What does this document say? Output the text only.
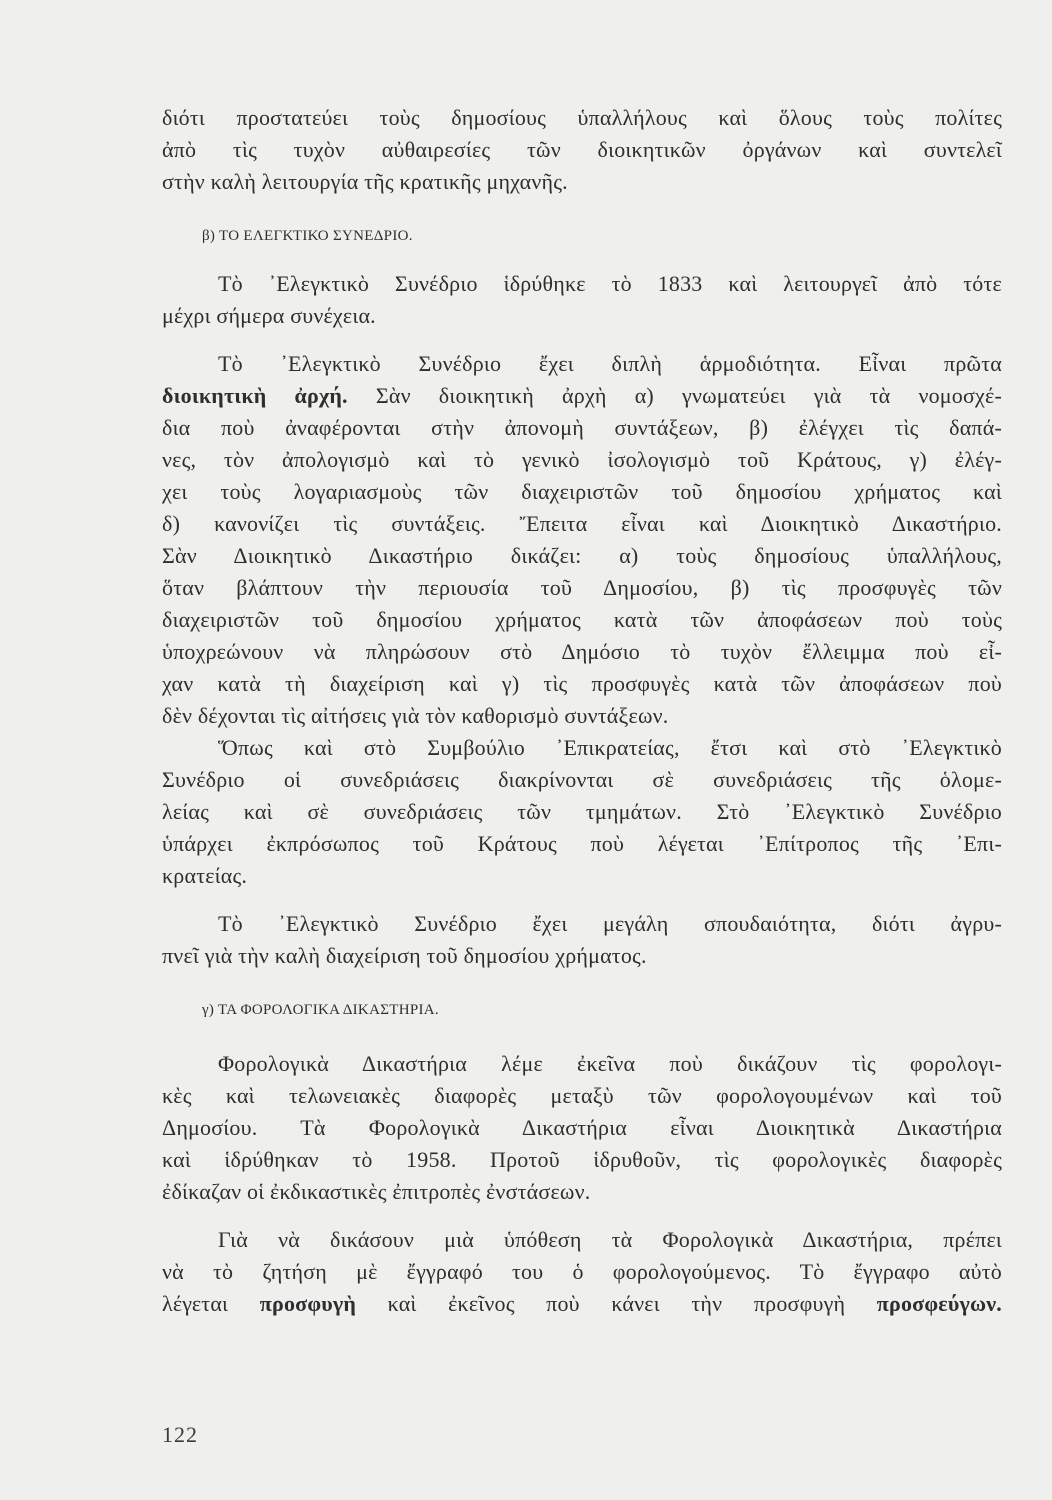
διότι προστατεύει τοὺς δημοσίους ὑπαλλήλους καὶ ὅλους τοὺς πολίτες
ἀπὸ τὶς τυχὸν αὐθαιρεσίες τῶν διοικητικῶν ὀργάνων καὶ συντελεῖ
στὴν καλὴ λειτουργία τῆς κρατικῆς μηχανῆς.
β) ΤΟ ΕΛΕΓΚΤΙΚΟ ΣΥΝΕΔΡΙΟ.
Τὸ ᾿Ελεγκτικὸ Συνέδριο ἱδρύθηκε τὸ 1833 καὶ λειτουργεῖ ἀπὸ τότε
μέχρι σήμερα συνέχεια.
Τὸ ᾿Ελεγκτικὸ Συνέδριο ἔχει διπλὴ ἁρμοδιότητα. Εἶναι πρῶτα
διοικητικὴ ἀρχή. Σὰν διοικητικὴ ἀρχὴ α) γνωματεύει γιὰ τὰ νομοσχέ-
δια ποὺ ἀναφέρονται στὴν ἀπονομὴ συντάξεων, β) ἐλέγχει τὶς δαπά-
νες, τὸν ἀπολογισμὸ καὶ τὸ γενικὸ ἰσολογισμὸ τοῦ Κράτους, γ) ἐλέγ-
χει τοὺς λογαριασμοὺς τῶν διαχειριστῶν τοῦ δημοσίου χρήματος καὶ
δ) κανονίζει τὶς συντάξεις. Ἔπειτα εἶναι καὶ Διοικητικὸ Δικαστήριο.
Σὰν Διοικητικὸ Δικαστήριο δικάζει: α) τοὺς δημοσίους ὑπαλλήλους,
ὅταν βλάπτουν τὴν περιουσία τοῦ Δημοσίου, β) τὶς προσφυγὲς τῶν
διαχειριστῶν τοῦ δημοσίου χρήματος κατὰ τῶν ἀποφάσεων ποὺ τοὺς
ὑποχρεώνουν νὰ πληρώσουν στὸ Δημόσιο τὸ τυχὸν ἔλλειμμα ποὺ εἶ-
χαν κατὰ τὴ διαχείριση καὶ γ) τὶς προσφυγὲς κατὰ τῶν ἀποφάσεων ποὺ
δὲν δέχονται τὶς αἰτήσεις γιὰ τὸν καθορισμὸ συντάξεων.
Ὅπως καὶ στὸ Συμβούλιο ᾿Επικρατείας, ἔτσι καὶ στὸ ᾿Ελεγκτικὸ
Συνέδριο οἱ συνεδριάσεις διακρίνονται σὲ συνεδριάσεις τῆς ὁλομε-
λείας καὶ σὲ συνεδριάσεις τῶν τμημάτων. Στὸ ᾿Ελεγκτικὸ Συνέδριο
ὑπάρχει ἐκπρόσωπος τοῦ Κράτους ποὺ λέγεται ᾿Επίτροπος τῆς ᾿Επι-
κρατείας.
Τὸ ᾿Ελεγκτικὸ Συνέδριο ἔχει μεγάλη σπουδαιότητα, διότι ἀγρυ-
πνεῖ γιὰ τὴν καλὴ διαχείριση τοῦ δημοσίου χρήματος.
γ) ΤΑ ΦΟΡΟΛΟΓΙΚΑ ΔΙΚΑΣΤΗΡΙΑ.
Φορολογικὰ Δικαστήρια λέμε ἐκεῖνα ποὺ δικάζουν τὶς φορολογι-
κὲς καὶ τελωνειακὲς διαφορὲς μεταξὺ τῶν φορολογουμένων καὶ τοῦ
Δημοσίου. Τὰ Φορολογικὰ Δικαστήρια εἶναι Διοικητικὰ Δικαστήρια
καὶ ἱδρύθηκαν τὸ 1958. Προτοῦ ἱδρυθοῦν, τὶς φορολογικὲς διαφορὲς
ἐδίκαζαν οἱ ἐκδικαστικὲς ἐπιτροπὲς ἐνστάσεων.
Γιὰ νὰ δικάσουν μιὰ ὑπόθεση τὰ Φορολογικὰ Δικαστήρια, πρέπει
νὰ τὸ ζητήση μὲ ἔγγραφό του ὁ φορολογούμενος. Τὸ ἔγγραφο αὐτὸ
λέγεται προσφυγὴ καὶ ἐκεῖνος ποὺ κάνει τὴν προσφυγὴ προσφεύγων.
122
